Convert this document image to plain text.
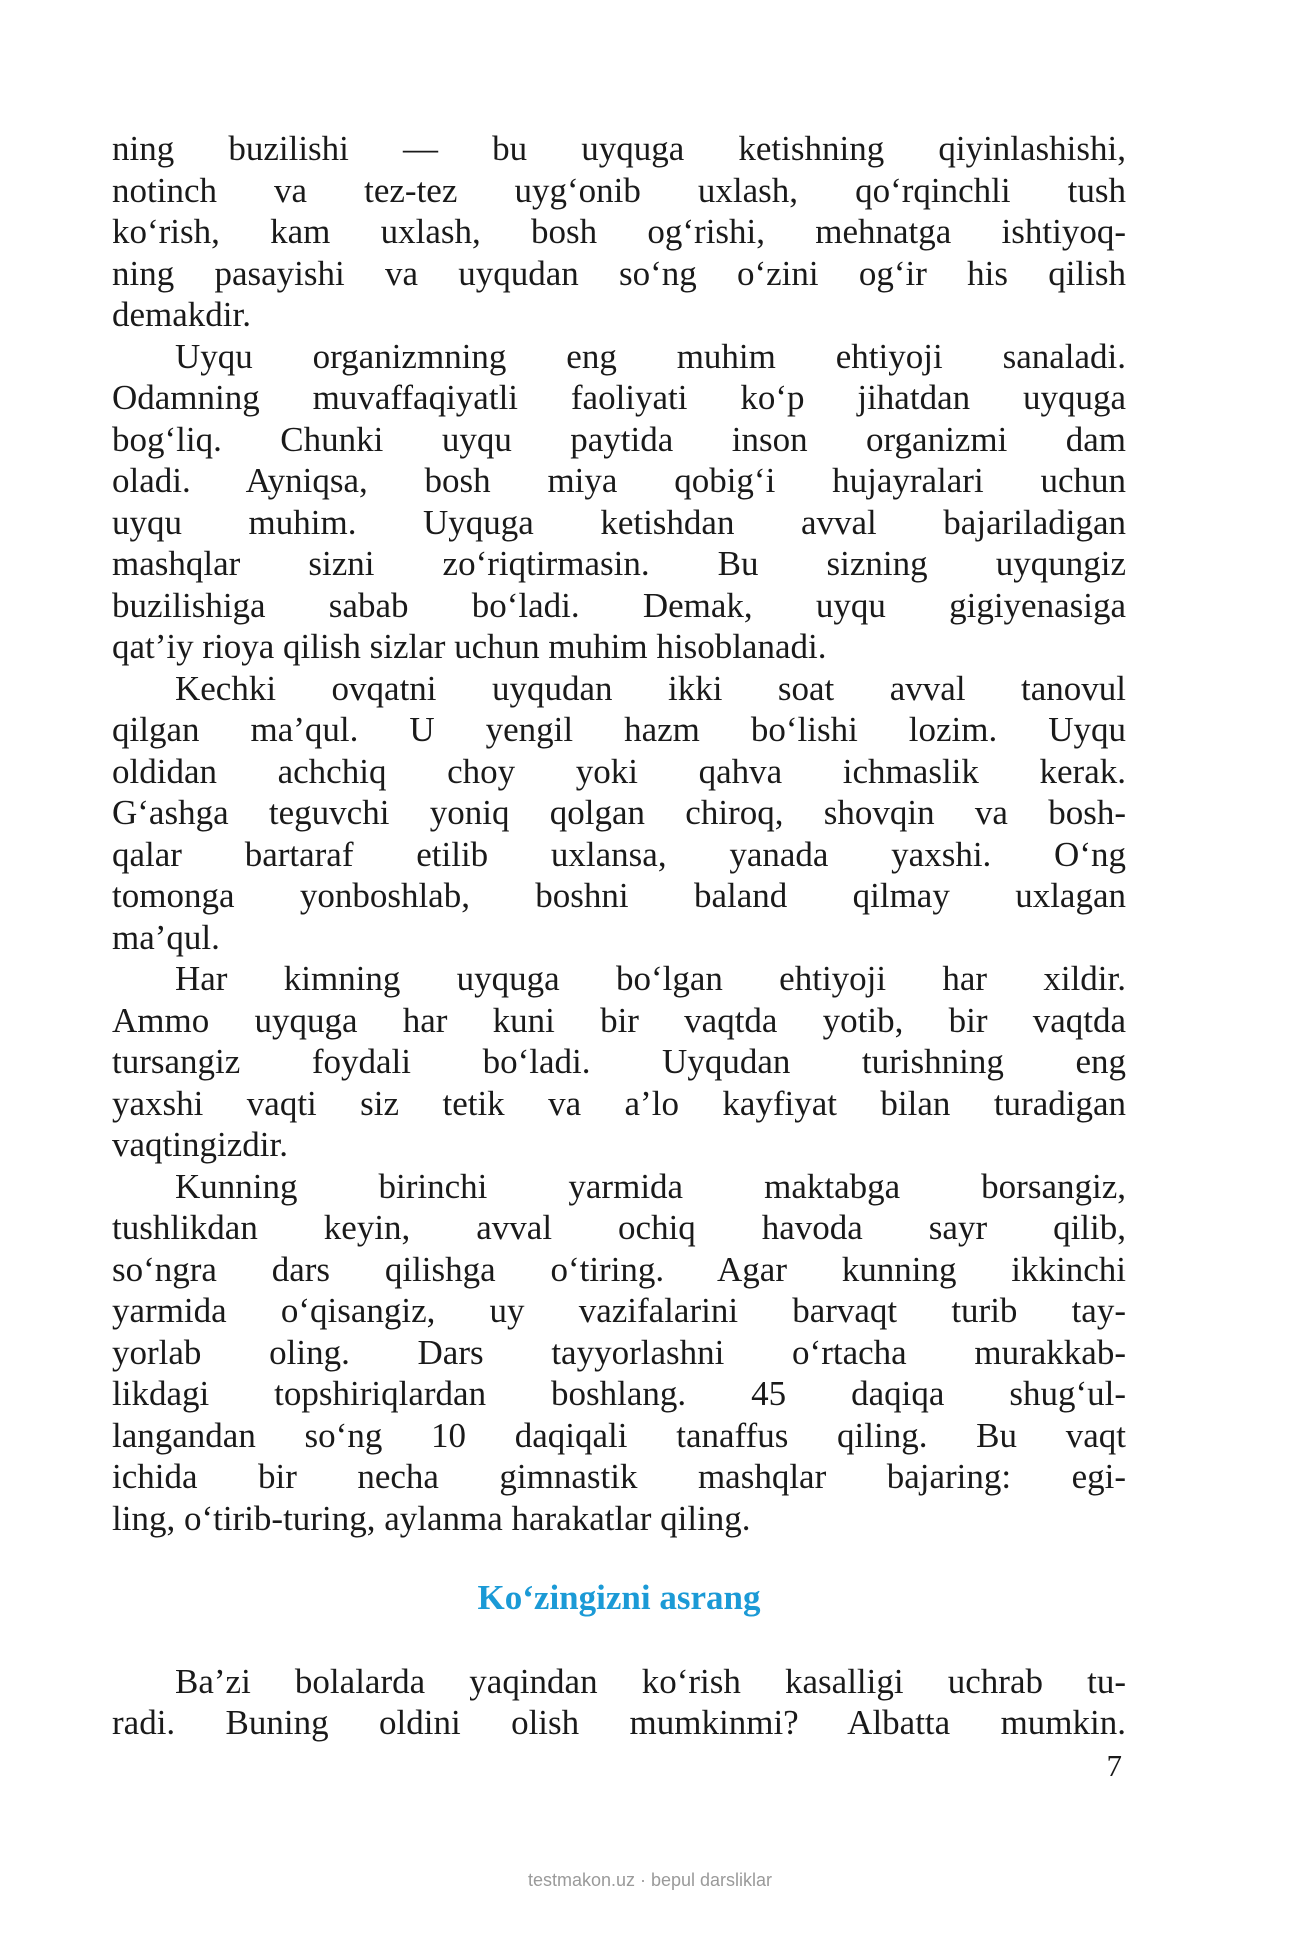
ning buzilishi — bu uyquga ketishning qiyinlashishi,
notinch va tez-tez uygʻonib uxlash, qoʻrqinchli tush
koʻrish, kam uxlash, bosh ogʻrishi, mehnatga ishtiyoq-
ning pasayishi va uyqudan soʻng oʻzini ogʻir his qilish
demakdir.
Uyqu organizmning eng muhim ehtiyoji sanaladi.
Odamning muvaffaqiyatli faoliyati koʻp jihatdan uyquga
bogʻliq. Chunki uyqu paytida inson organizmi dam
oladi. Ayniqsa, bosh miya qobigʻi hujayralari uchun
uyqu muhim. Uyquga ketishdan avval bajariladigan
mashqlar sizni zoʻriqtirmasin. Bu sizning uyqungiz
buzilishiga sabab boʻladi. Demak, uyqu gigiyenasiga
qat’iy rioya qilish sizlar uchun muhim hisoblanadi.
Kechki ovqatni uyqudan ikki soat avval tanovul
qilgan ma’qul. U yengil hazm boʻlishi lozim. Uyqu
oldidan achchiq choy yoki qahva ichmaslik kerak.
Gʻashga teguvchi yoniq qolgan chiroq, shovqin va bosh-
qalar bartaraf etilib uxlansa, yanada yaxshi. Oʻng
tomonga yonboshlab, boshni baland qilmay uxlagan
ma’qul.
Har kimning uyquga boʻlgan ehtiyoji har xildir.
Ammo uyquga har kuni bir vaqtda yotib, bir vaqtda
tursangiz foydali boʻladi. Uyqudan turishning eng
yaxshi vaqti siz tetik va a’lo kayfiyat bilan turadigan
vaqtingizdir.
Kunning birinchi yarmida maktabga borsangiz,
tushlikdan keyin, avval ochiq havoda sayr qilib,
soʻngra dars qilishga oʻtiring. Agar kunning ikkinchi
yarmida oʻqisangiz, uy vazifalarini barvaqt turib tay-
yorlab oling. Dars tayyorlashni oʻrtacha murakkab-
likdagi topshiriqlardan boshlang. 45 daqiqa shugʻul-
langandan soʻng 10 daqiqali tanaffus qiling. Bu vaqt
ichida bir necha gimnastik mashqlar bajaring: egi-
ling, oʻtirib-turing, aylanma harakatlar qiling.
Koʻzingizni asrang
Ba’zi bolalarda yaqindan koʻrish kasalligi uchrab tu-
radi. Buning oldini olish mumkinmi? Albatta mumkin.
7
testmakon.uz · bepul darsliklar
